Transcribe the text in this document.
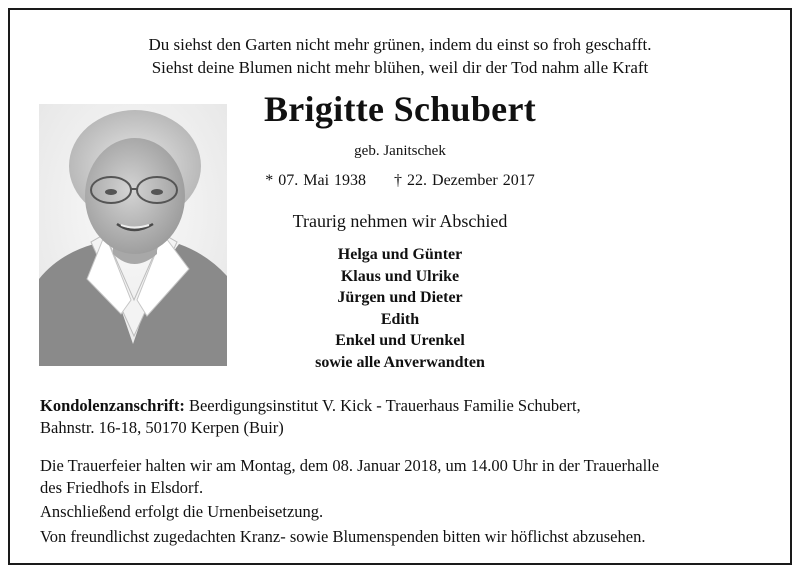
Du siehst den Garten nicht mehr grünen, indem du einst so froh geschafft.
Siehst deine Blumen nicht mehr blühen, weil dir der Tod nahm alle Kraft
Brigitte Schubert
geb. Janitschek
* 07. Mai 1938 † 22. Dezember 2017
Traurig nehmen wir Abschied
Helga und Günter
Klaus und Ulrike
Jürgen und Dieter
Edith
Enkel und Urenkel
sowie alle Anverwandten
Kondolenzanschrift: Beerdigungsinstitut V. Kick - Trauerhaus Familie Schubert,
Bahnstr. 16-18, 50170 Kerpen (Buir)
Die Trauerfeier halten wir am Montag, dem 08. Januar 2018, um 14.00 Uhr in der Trauerhalle
des Friedhofs in Elsdorf.
Anschließend erfolgt die Urnenbeisetzung.
Von freundlichst zugedachten Kranz- sowie Blumenspenden bitten wir höflichst abzusehen.
